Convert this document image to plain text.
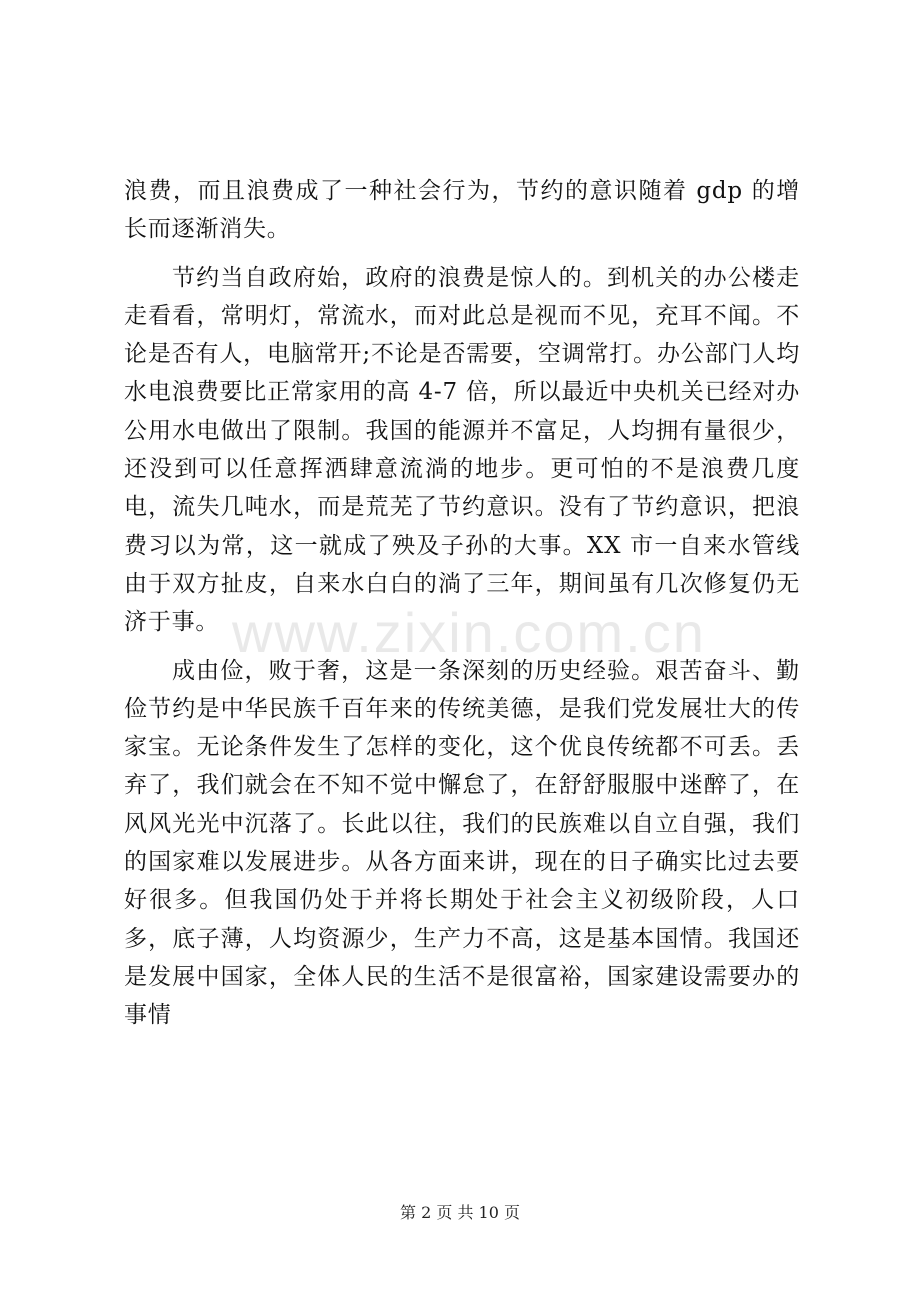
浪费，而且浪费成了一种社会行为，节约的意识随着 gdp 的增长而逐渐消失。

节约当自政府始，政府的浪费是惊人的。到机关的办公楼走走看看，常明灯，常流水，而对此总是视而不见，充耳不闻。不论是否有人，电脑常开;不论是否需要，空调常打。办公部门人均水电浪费要比正常家用的高 4-7 倍，所以最近中央机关已经对办公用水电做出了限制。我国的能源并不富足，人均拥有量很少，还没到可以任意挥洒肆意流淌的地步。更可怕的不是浪费几度电，流失几吨水，而是荒芜了节约意识。没有了节约意识，把浪费习以为常，这一就成了殃及子孙的大事。XX 市一自来水管线由于双方扯皮，自来水白白的淌了三年，期间虽有几次修复仍无济于事。

成由俭，败于奢，这是一条深刻的历史经验。艰苦奋斗、勤俭节约是中华民族千百年来的传统美德，是我们党发展壮大的传家宝。无论条件发生了怎样的变化，这个优良传统都不可丢。丢弃了，我们就会在不知不觉中懈怠了，在舒舒服服中迷醉了，在风风光光中沉落了。长此以往，我们的民族难以自立自强，我们的国家难以发展进步。从各方面来讲，现在的日子确实比过去要好很多。但我国仍处于并将长期处于社会主义初级阶段，人口多，底子薄，人均资源少，生产力不高，这是基本国情。我国还是发展中国家，全体人民的生活不是很富裕，国家建设需要办的事情

www.zixin.com.cn
第 2 页 共 10 页
